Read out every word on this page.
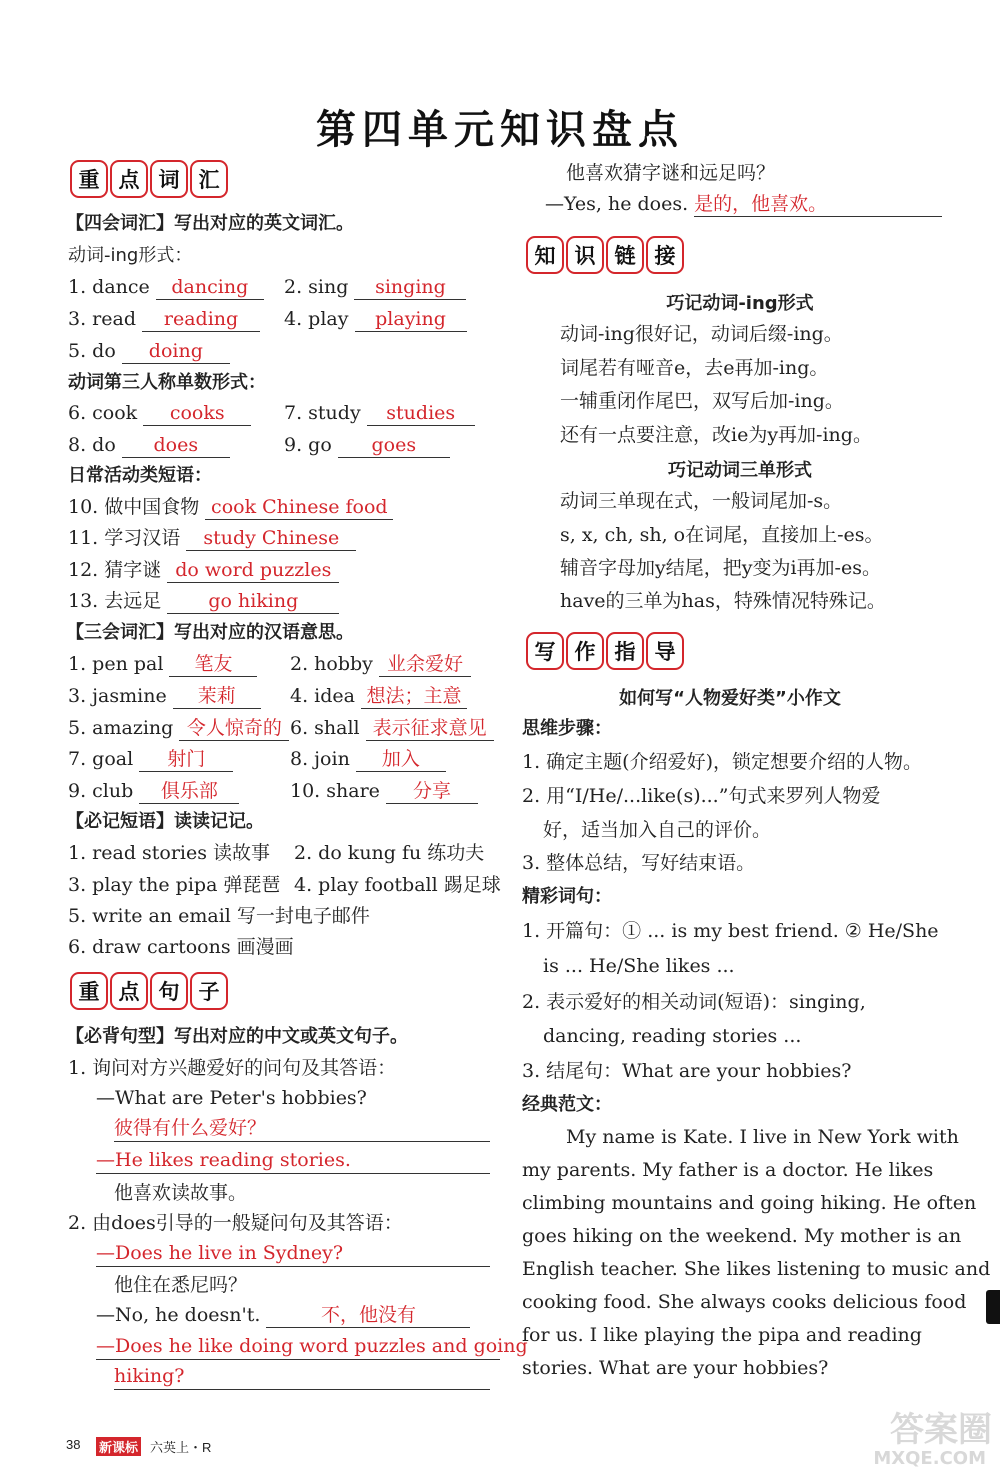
第四单元知识盘点
重 点 词 汇
【四会词汇】写出对应的英文词汇。
动词-ing形式：
1. dance dancing	2. sing singing
3. read reading	4. play playing
5. do doing
动词第三人称单数形式：
6. cook cooks	7. study studies
8. do does	9. go goes
日常活动类短语：
10. 做中国食物 cook Chinese food
11. 学习汉语 study Chinese
12. 猜字谜 do word puzzles
13. 去远足 go hiking
【三会词汇】写出对应的汉语意思。
1. pen pal 笔友	2. hobby 业余爱好
3. jasmine 茉莉	4. idea 想法；主意
5. amazing 令人惊奇的 6. shall 表示征求意见
7. goal 射门	8. join 加入
9. club 俱乐部	10. share 分享
【必记短语】读读记记。
1. read stories 读故事 2. do kung fu 练功夫
3. play the pipa 弹琵琶 4. play football 踢足球
5. write an email 写一封电子邮件
6. draw cartoons 画漫画
重 点 句 子
【必背句型】写出对应的中文或英文句子。
1. 询问对方兴趣爱好的问句及其答语：
—What are Peter's hobbies?
彼得有什么爱好？
—He likes reading stories.
他喜欢读故事。
2. 由does引导的一般疑问句及其答语：
—Does he live in Sydney?
他住在悉尼吗？
—No, he doesn't.	不，他没有
—Does he like doing word puzzles and going
hiking?
他喜欢猜字谜和远足吗？
—Yes, he does. 是的，他喜欢。
知 识 链 接
巧记动词-ing形式
动词-ing很好记，动词后缀-ing。
词尾若有哑音e，去e再加-ing。
一辅重闭作尾巴，双写后加-ing。
还有一点要注意，改ie为y再加-ing。
巧记动词三单形式
动词三单现在式，一般词尾加-s。
s, x, ch, sh, o在词尾，直接加上-es。
辅音字母加y结尾，把y变为i再加-es。
have的三单为has，特殊情况特殊记。
写 作 指 导
如何写“人物爱好类”小作文
思维步骤：
1. 确定主题(介绍爱好)，锁定想要介绍的人物。
2. 用“I/He/...like(s)...”句式来罗列人物爱
好，适当加入自己的评价。
3. 整体总结，写好结束语。
精彩词句：
1. 开篇句：① ... is my best friend. ② He/She
is ... He/She likes ...
2. 表示爱好的相关动词(短语)：singing,
dancing, reading stories ...
3. 结尾句：What are your hobbies?
经典范文：
My name is Kate. I live in New York with
my parents. My father is a doctor. He likes
climbing mountains and going hiking. He often
goes hiking on the weekend. My mother is an
English teacher. She likes listening to music and
cooking food. She always cooks delicious food
for us. I like playing the pipa and reading
stories. What are your hobbies?
38 新课标 六英上・R	答案圈
MXQE.COM
